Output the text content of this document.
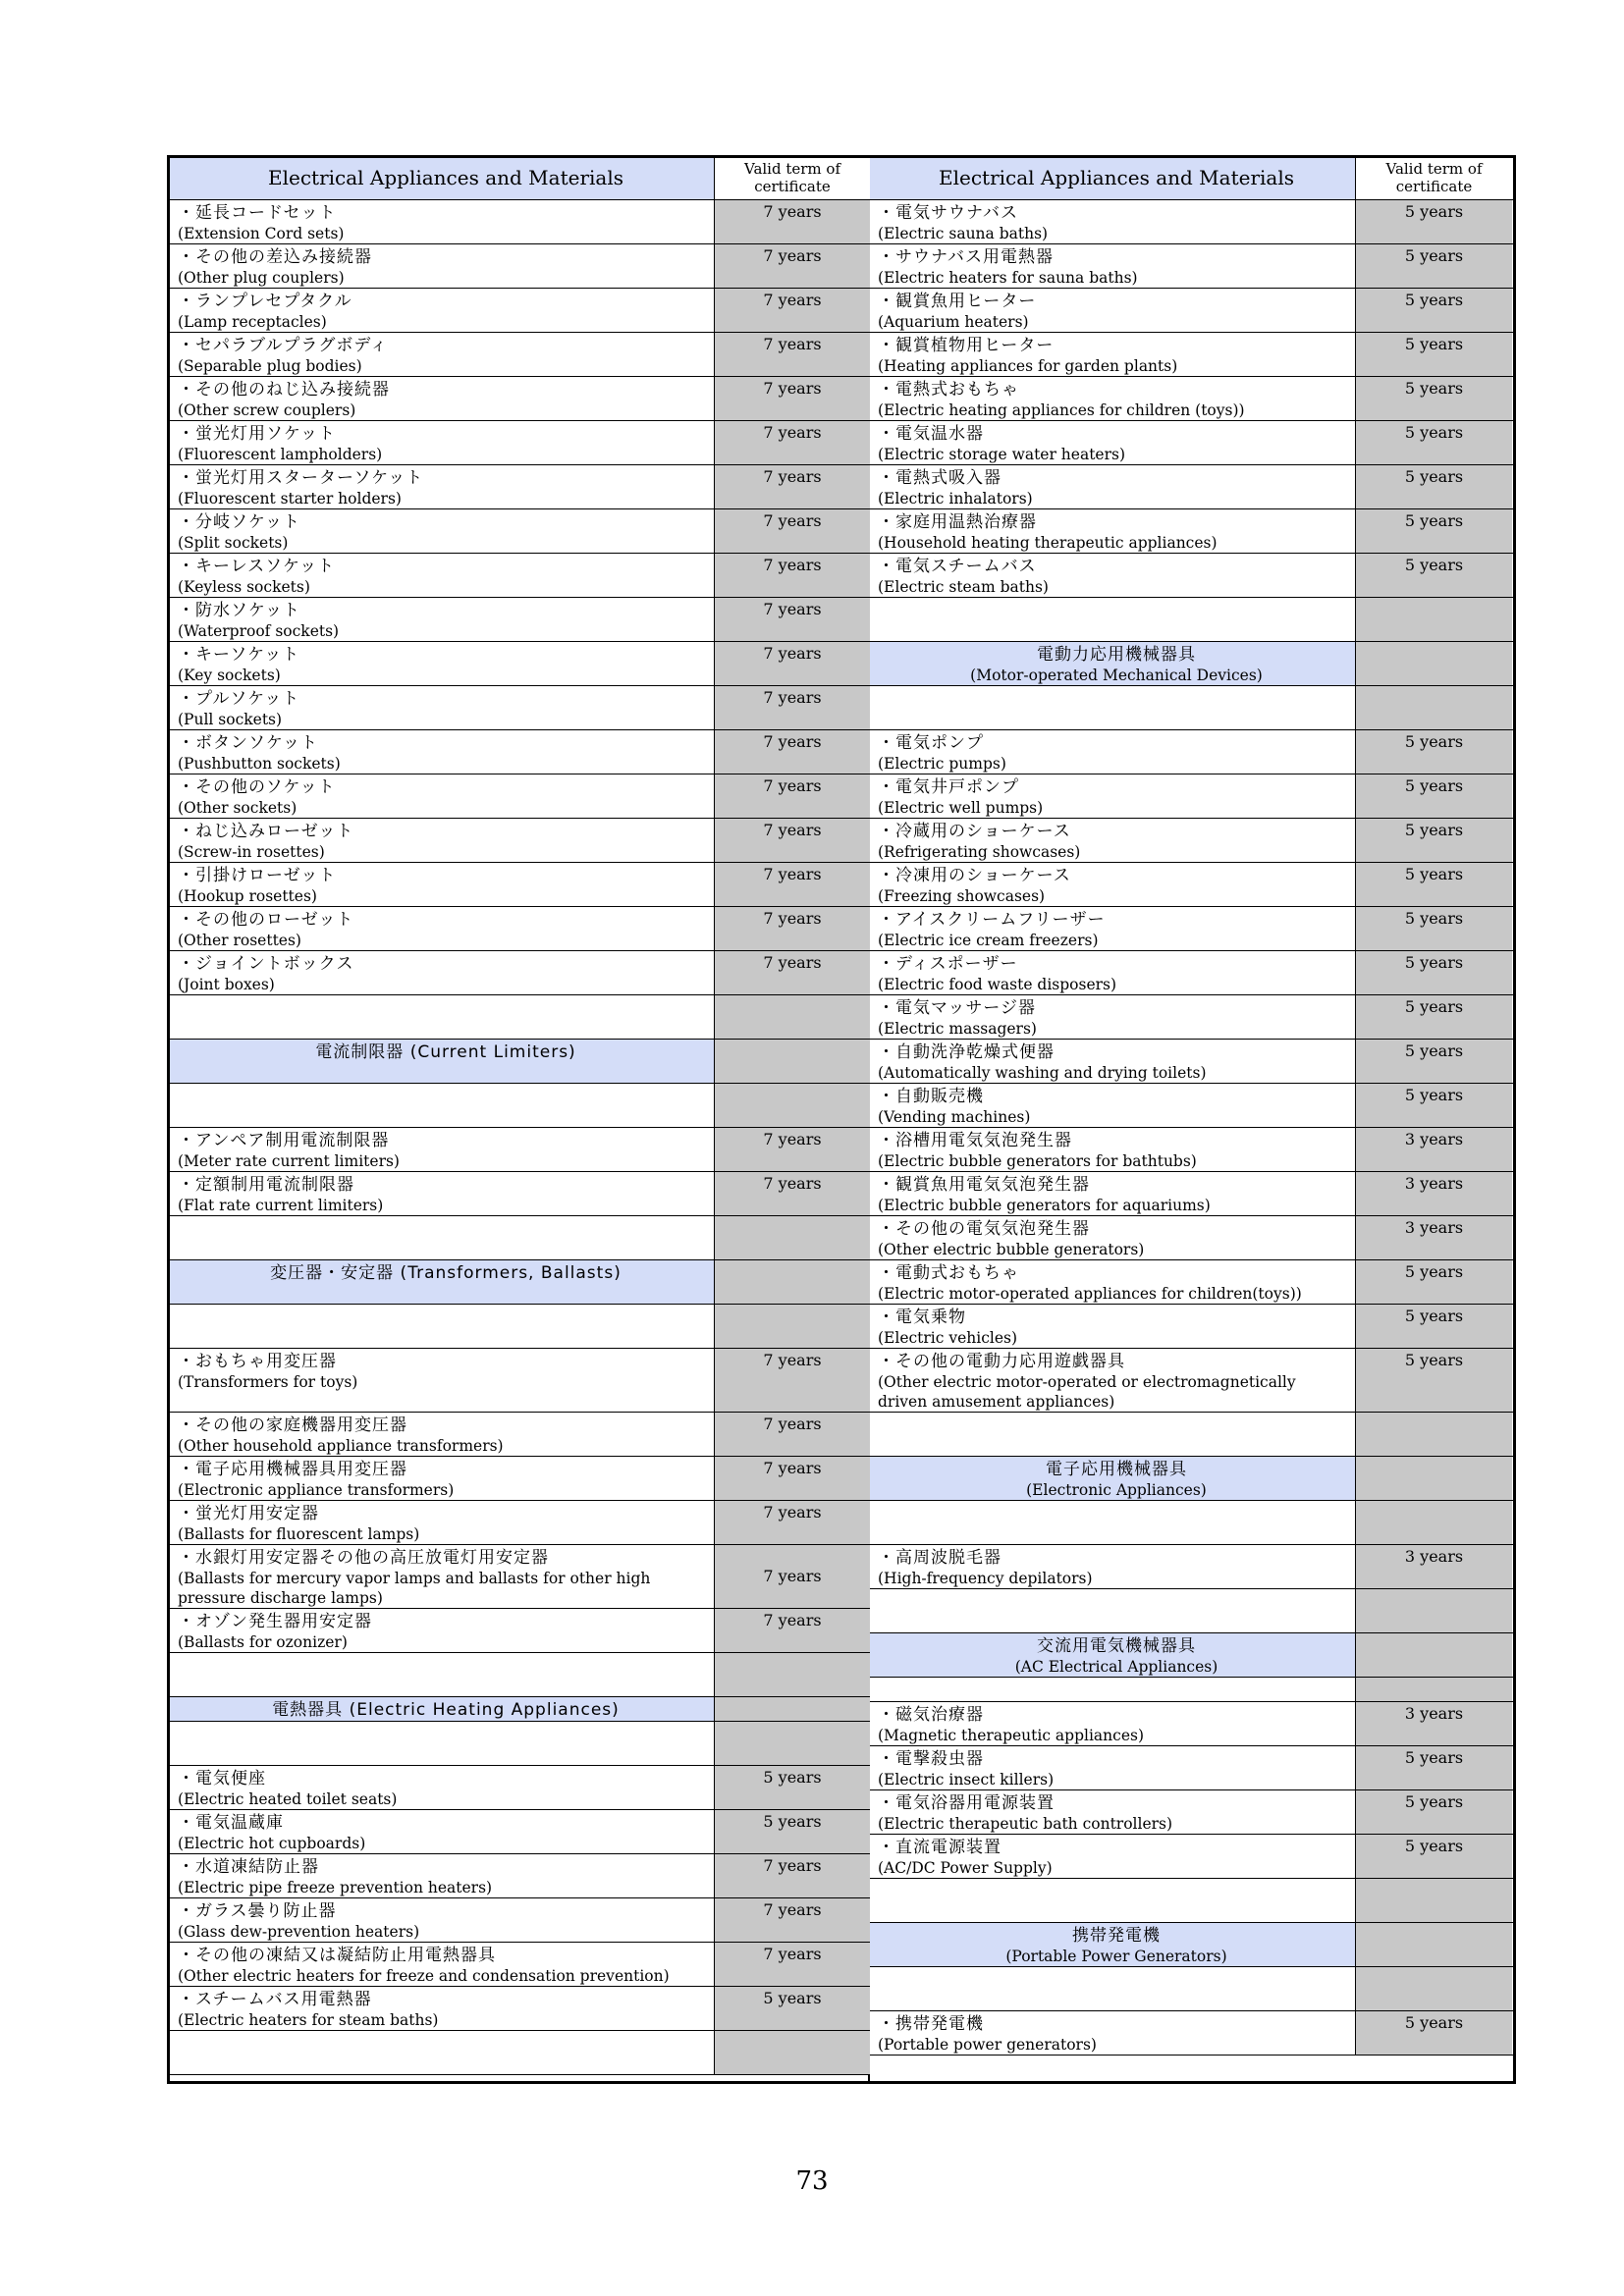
Electrical Appliances and Materials	Valid term of certificate
・延長コードセット
(Extension Cord sets)
7 years
・その他の差込み接続器
(Other plug couplers)
7 years
・ランプレセプタクル
(Lamp receptacles)
7 years
・セパラブルプラグボディ
(Separable plug bodies)
7 years
・その他のねじ込み接続器
(Other screw couplers)
7 years
・蛍光灯用ソケット
(Fluorescent lampholders)
7 years
・蛍光灯用スターターソケット
(Fluorescent starter holders)
7 years
・分岐ソケット
(Split sockets)
7 years
・キーレスソケット
(Keyless sockets)
7 years
・防水ソケット
(Waterproof sockets)
7 years
・キーソケット
(Key sockets)
7 years
・プルソケット
(Pull sockets)
7 years
・ボタンソケット
(Pushbutton sockets)
7 years
・その他のソケット
(Other sockets)
7 years
・ねじ込みローゼット
(Screw-in rosettes)
7 years
・引掛けローゼット
(Hookup rosettes)
7 years
・その他のローゼット
(Other rosettes)
7 years
・ジョイントボックス
(Joint boxes)
7 years
電流制限器 (Current Limiters)
・アンペア制用電流制限器
(Meter rate current limiters)
7 years
・定額制用電流制限器
(Flat rate current limiters)
7 years
変圧器・安定器 (Transformers, Ballasts)
・おもちゃ用変圧器
(Transformers for toys)
7 years
・その他の家庭機器用変圧器
(Other household appliance transformers)
7 years
・電子応用機械器具用変圧器
(Electronic appliance transformers)
7 years
・蛍光灯用安定器
(Ballasts for fluorescent lamps)
7 years
・水銀灯用安定器その他の高圧放電灯用安定器
(Ballasts for mercury vapor lamps and ballasts for other high
pressure discharge lamps)
7 years
・オゾン発生器用安定器
(Ballasts for ozonizer)
7 years
電熱器具 (Electric Heating Appliances)
・電気便座
(Electric heated toilet seats)
5 years
・電気温蔵庫
(Electric hot cupboards)
5 years
・水道凍結防止器
(Electric pipe freeze prevention heaters)
7 years
・ガラス曇り防止器
(Glass dew-prevention heaters)
7 years
・その他の凍結又は凝結防止用電熱器具
(Other electric heaters for freeze and condensation prevention)
7 years
・スチームバス用電熱器
(Electric heaters for steam baths)
5 years
Electrical Appliances and Materials	Valid term of certificate
・電気サウナバス
(Electric sauna baths)
5 years
・サウナバス用電熱器
(Electric heaters for sauna baths)
5 years
・観賞魚用ヒーター
(Aquarium heaters)
5 years
・観賞植物用ヒーター
(Heating appliances for garden plants)
5 years
・電熱式おもちゃ
(Electric heating appliances for children (toys))
5 years
・電気温水器
(Electric storage water heaters)
5 years
・電熱式吸入器
(Electric inhalators)
5 years
・家庭用温熱治療器
(Household heating therapeutic appliances)
5 years
・電気スチームバス
(Electric steam baths)
5 years
電動力応用機械器具
(Motor-operated Mechanical Devices)
・電気ポンプ
(Electric pumps)
5 years
・電気井戸ポンプ
(Electric well pumps)
5 years
・冷蔵用のショーケース
(Refrigerating showcases)
5 years
・冷凍用のショーケース
(Freezing showcases)
5 years
・アイスクリームフリーザー
(Electric ice cream freezers)
5 years
・ディスポーザー
(Electric food waste disposers)
5 years
・電気マッサージ器
(Electric massagers)
5 years
・自動洗浄乾燥式便器
(Automatically washing and drying toilets)
5 years
・自動販売機
(Vending machines)
5 years
・浴槽用電気気泡発生器
(Electric bubble generators for bathtubs)
3 years
・観賞魚用電気気泡発生器
(Electric bubble generators for aquariums)
3 years
・その他の電気気泡発生器
(Other electric bubble generators)
3 years
・電動式おもちゃ
(Electric motor-operated appliances for children(toys))
5 years
・電気乗物
(Electric vehicles)
5 years
・その他の電動力応用遊戯器具
(Other electric motor-operated or electromagnetically
driven amusement appliances)
5 years
電子応用機械器具
(Electronic Appliances)
・高周波脱毛器
(High-frequency depilators)
3 years
交流用電気機械器具
(AC Electrical Appliances)
・磁気治療器
(Magnetic therapeutic appliances)
3 years
・電撃殺虫器
(Electric insect killers)
5 years
・電気浴器用電源装置
(Electric therapeutic bath controllers)
5 years
・直流電源装置
(AC/DC Power Supply)
5 years
携帯発電機
(Portable Power Generators)
・携帯発電機
(Portable power generators)
5 years
73
